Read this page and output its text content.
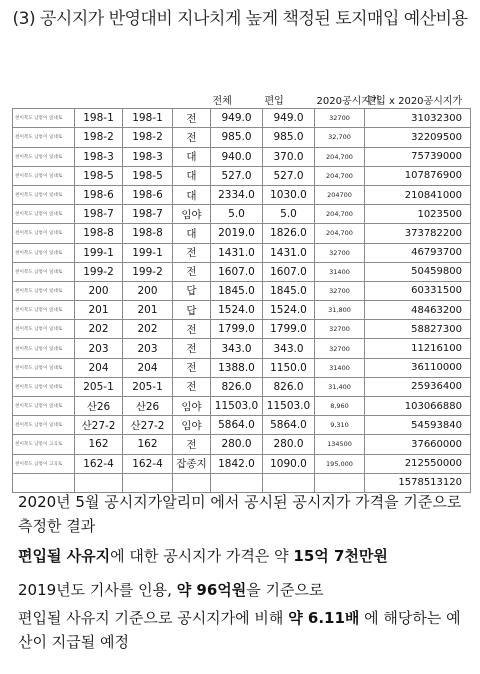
(3) 공시지가 반영대비 지나치게 높게 책정된 토지매입 예산비용
				전체	편입	2020공시지가	편입 x 2020공시지가
천이복도 남통이 일대토	198-1	198-1	전	949.0	949.0	32700	31032300
천이복도 남통이 일대토	198-2	198-2	전	985.0	985.0	32,700	32209500
천이복도 남통이 일대토	198-3	198-3	대	940.0	370.0	204,700	75739000
천이복도 남통이 일대토	198-5	198-5	대	527.0	527.0	204,700	107876900
천이복도 남통이 일대토	198-6	198-6	대	2334.0	1030.0	204700	210841000
천이복도 남통이 일대토	198-7	198-7	임야	5.0	5.0	204,700	1023500
천이복도 남통이 일대토	198-8	198-8	대	2019.0	1826.0	204,700	373782200
천이복도 남통이 일대토	199-1	199-1	전	1431.0	1431.0	32700	46793700
천이복도 남통이 일대토	199-2	199-2	전	1607.0	1607.0	31400	50459800
천이복도 남통이 일대토	200	200	답	1845.0	1845.0	32700	60331500
천이복도 남통이 일대토	201	201	답	1524.0	1524.0	31,800	48463200
천이복도 남통이 일대토	202	202	전	1799.0	1799.0	32700	58827300
천이복도 남통이 일대토	203	203	전	343.0	343.0	32700	11216100
천이복도 남통이 일대토	204	204	전	1388.0	1150.0	31400	36110000
천이복도 남통이 일대토	205-1	205-1	전	826.0	826.0	31,400	25936400
천이복도 남통이 일대토	산26	산26	임야	11503.0	11503.0	8,960	103066880
천이복도 남통이 일대토	산27-2	산27-2	임야	5864.0	5864.0	9,310	54593840
천이복도 남통이 고곡토	162	162	전	280.0	280.0	134500	37660000
천이복도 남통이 고곡토	162-4	162-4	잡종지	1842.0	1090.0	195,000	212550000
							1578513120
2020년 5월 공시지가알리미 에서 공시된 공시지가 가격을 기준으로 측정한 결과
편입될 사유지에 대한 공시지가 가격은 약 15억 7천만원
2019년도 기사를 인용, 약 96억원을 기준으로
편입될 사유지 기준으로 공시지가에 비해 약 6.11배 에 해당하는 예산이 지급될 예정
